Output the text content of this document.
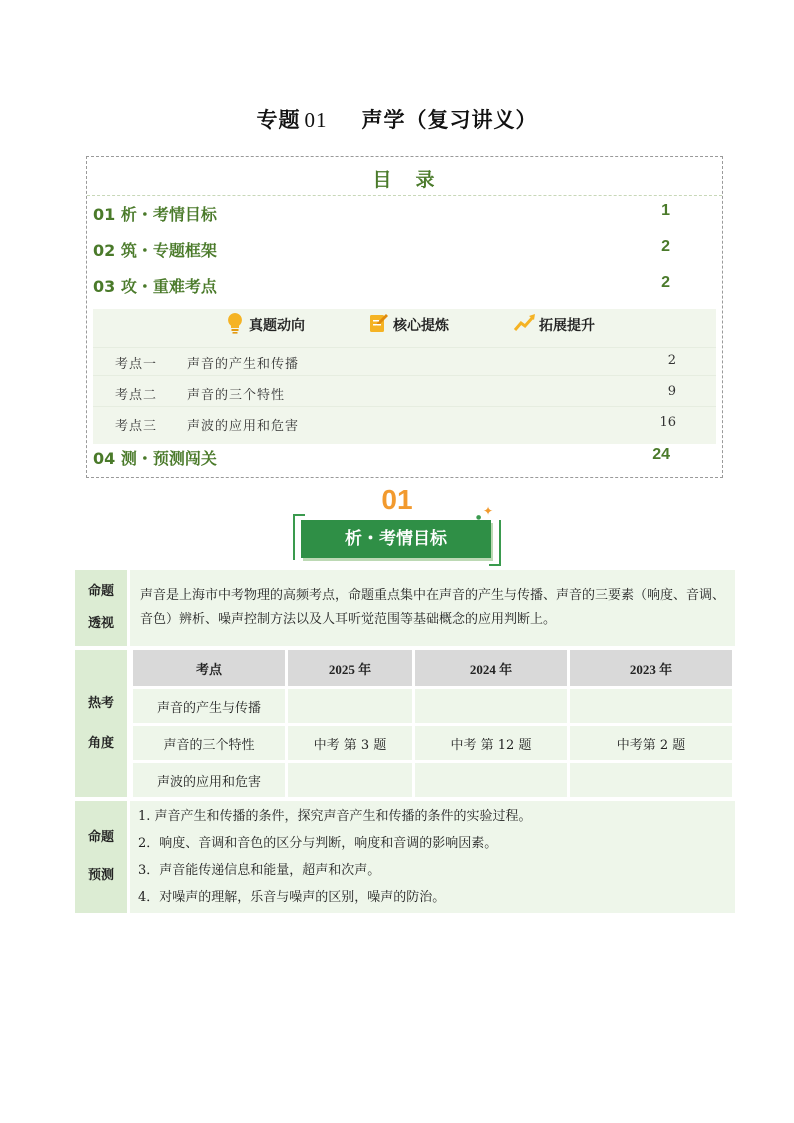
专题 01 声学（复习讲义）
目 录
01 析・考情目标	1
02 筑・专题框架	2
03 攻・重难考点	2
真题动向	核心提炼	拓展提升
考点一 声音的产生和传播	2
考点二 声音的三个特性	9
考点三 声波的应用和危害	16
04 测・预测闯关	24
01
析・考情目标
✦
●
命题
透视
	声音是上海市中考物理的高频考点，命题重点集中在声音的产生与传播、声音的三要素（响度、音调、音色）辨析、噪声控制方法以及人耳听觉范围等基础概念的应用判断上。

热考
角度

考点	2025 年	2024 年	2023 年
声音的产生与传播			
声音的三个特性	中考 第 3 题	中考 第 12 题	中考第 2 题
声波的应用和危害			

命题
预测

1. 声音产生和传播的条件，探究声音产生和传播的条件的实验过程。
2．响度、音调和音色的区分与判断，响度和音调的影响因素。
3．声音能传递信息和能量，超声和次声。
4．对噪声的理解，乐音与噪声的区别，噪声的防治。
